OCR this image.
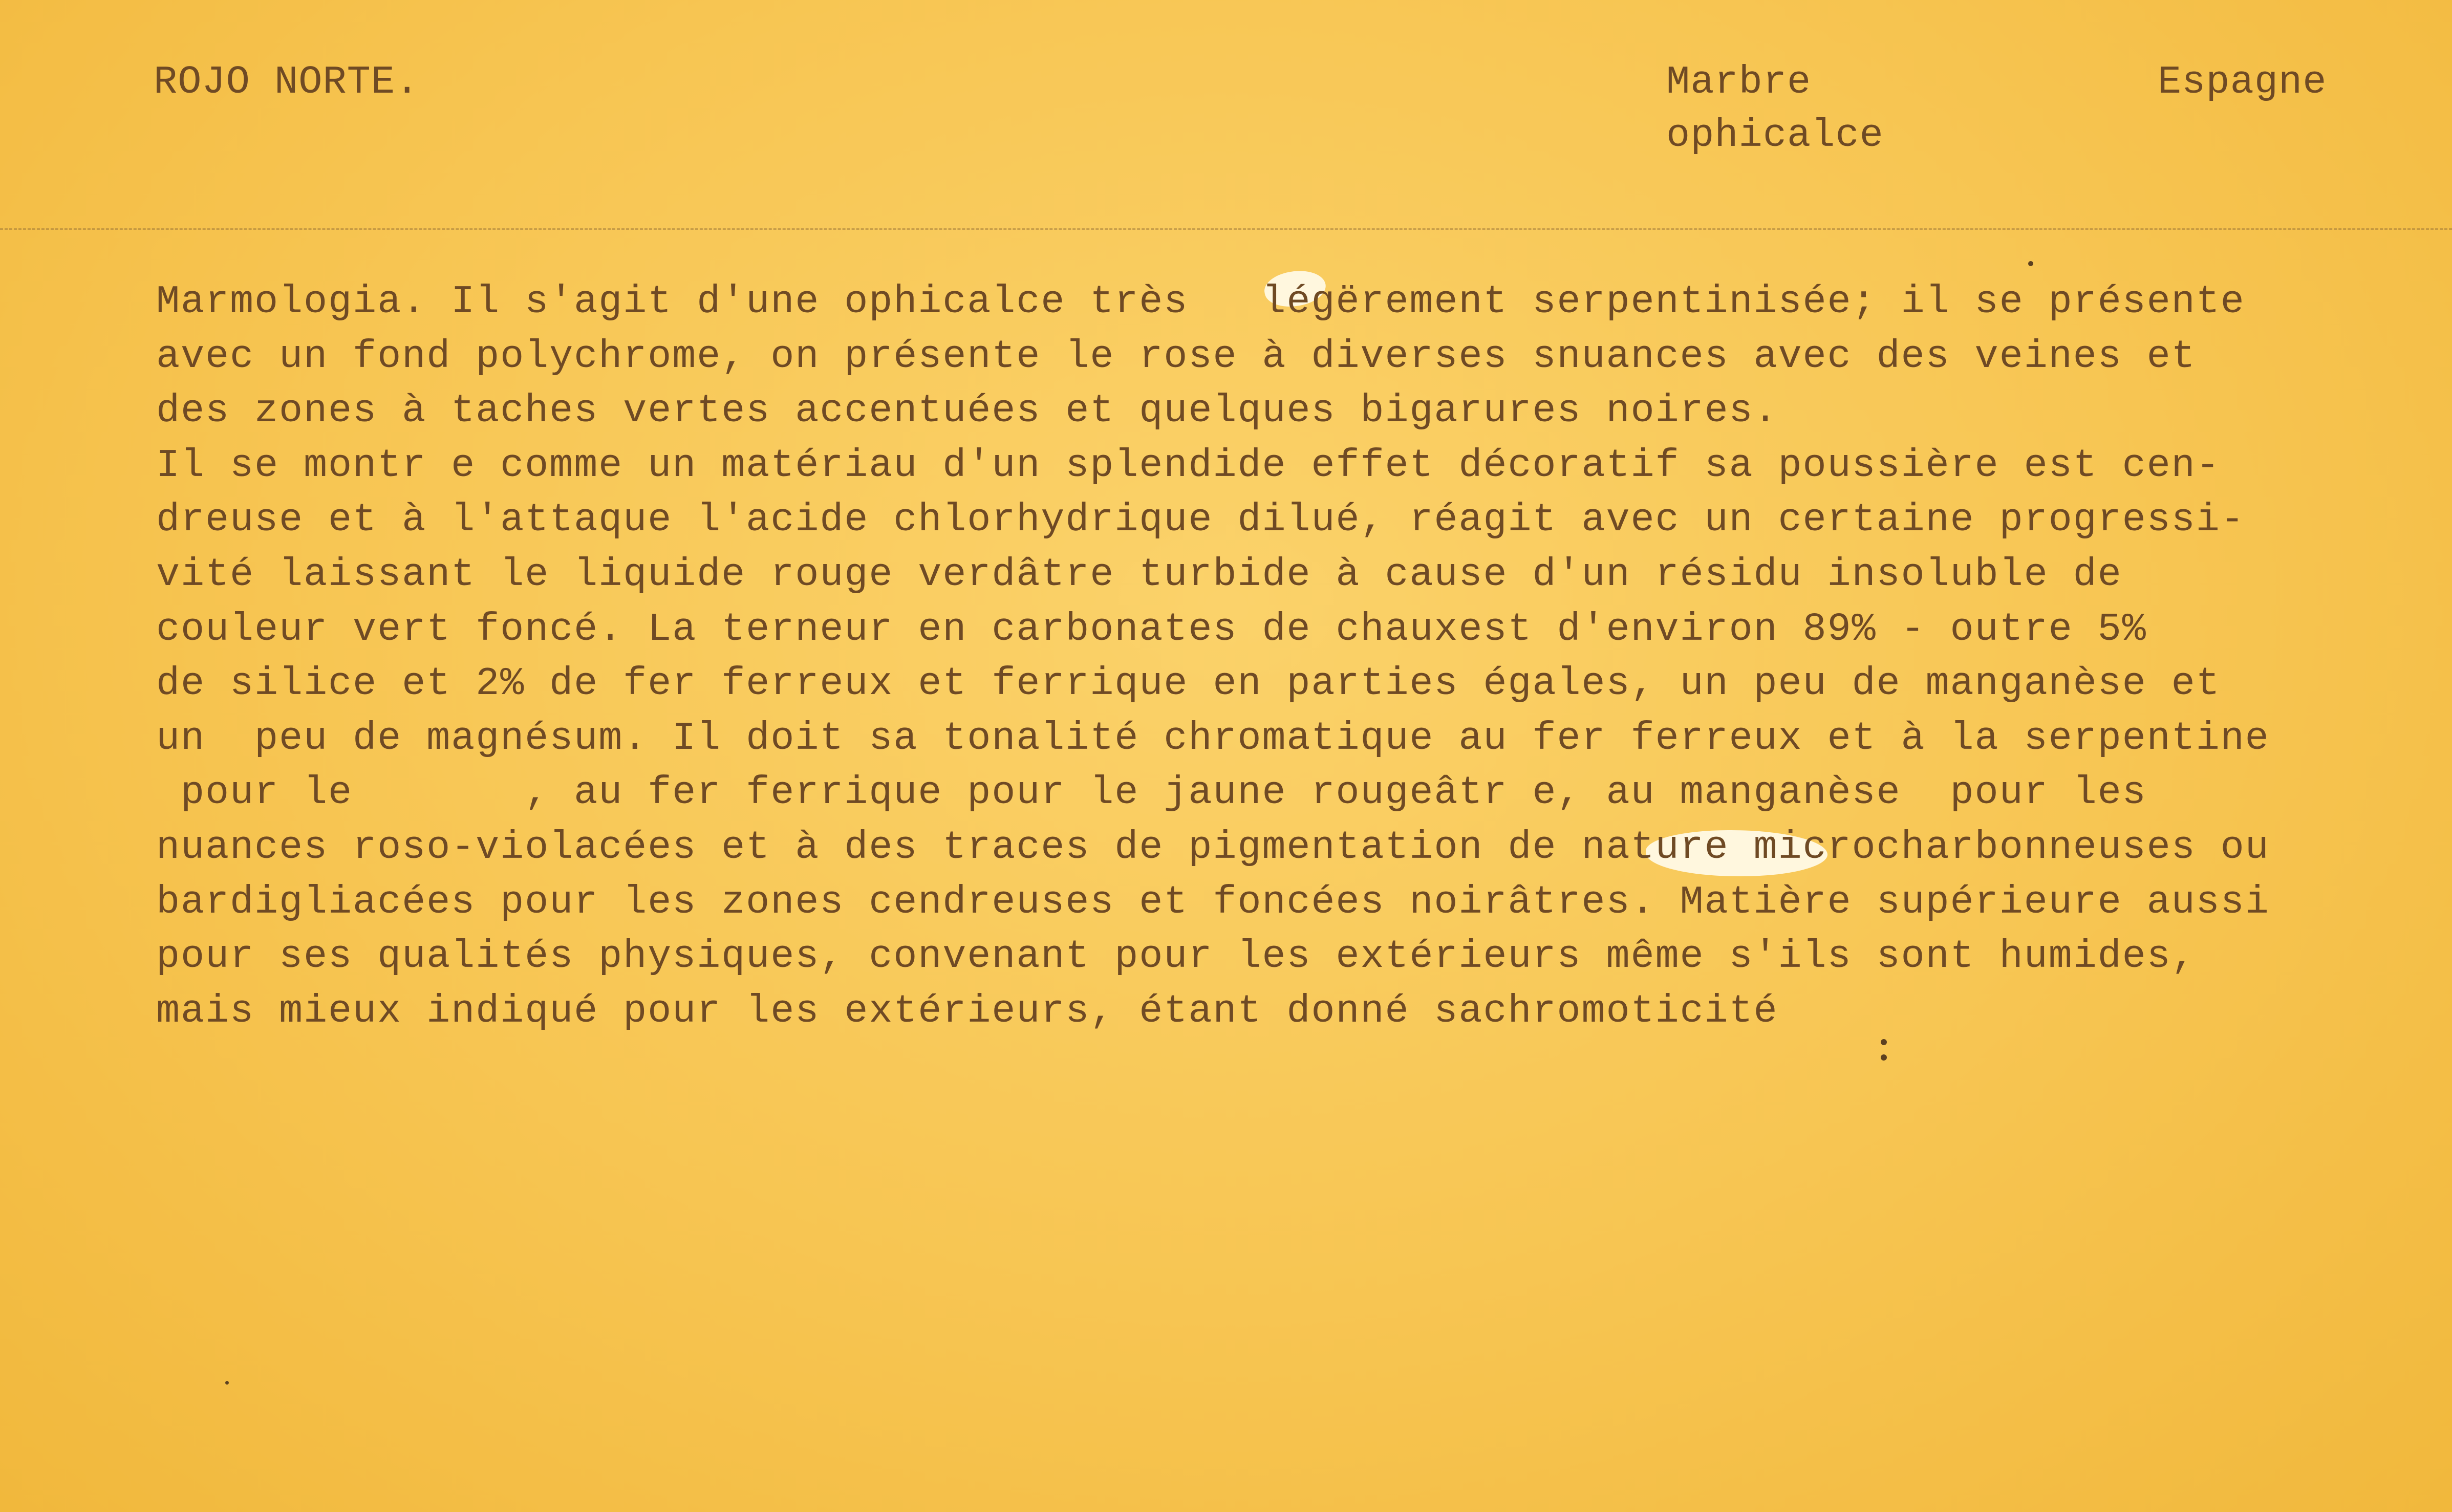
ROJO NORTE.	Marbre
ophicalce
Espagne
Marmologia. Il s'agit d'une ophicalce très   légërement serpentinisée; il se présente
avec un fond polychrome, on présente le rose à diverses snuances avec des veines et
des zones à taches vertes accentuées et quelques bigarures noires.
Il se montr e comme un matériau d'un splendide effet décoratif sa poussière est cen-
dreuse et à l'attaque l'acide chlorhydrique dilué, réagit avec un certaine progressi-
vité laissant le liquide rouge verdâtre turbide à cause d'un résidu insoluble de
couleur vert foncé. La terneur en carbonates de chauxest d'environ 89% - outre 5%
de silice et 2% de fer ferreux et ferrique en parties égales, un peu de manganèse et
un  peu de magnésum. Il doit sa tonalité chromatique au fer ferreux et à la serpentine
pour le       , au fer ferrique pour le jaune rougeâtr e, au manganèse  pour les
nuances roso-violacées et à des traces de pigmentation de nature microcharbonneuses ou
bardigliacées pour les zones cendreuses et foncées noirâtres. Matière supérieure aussi
pour ses qualités physiques, convenant pour les extérieurs même s'ils sont humides,
mais mieux indiqué pour les extérieurs, étant donné sachromoticité
